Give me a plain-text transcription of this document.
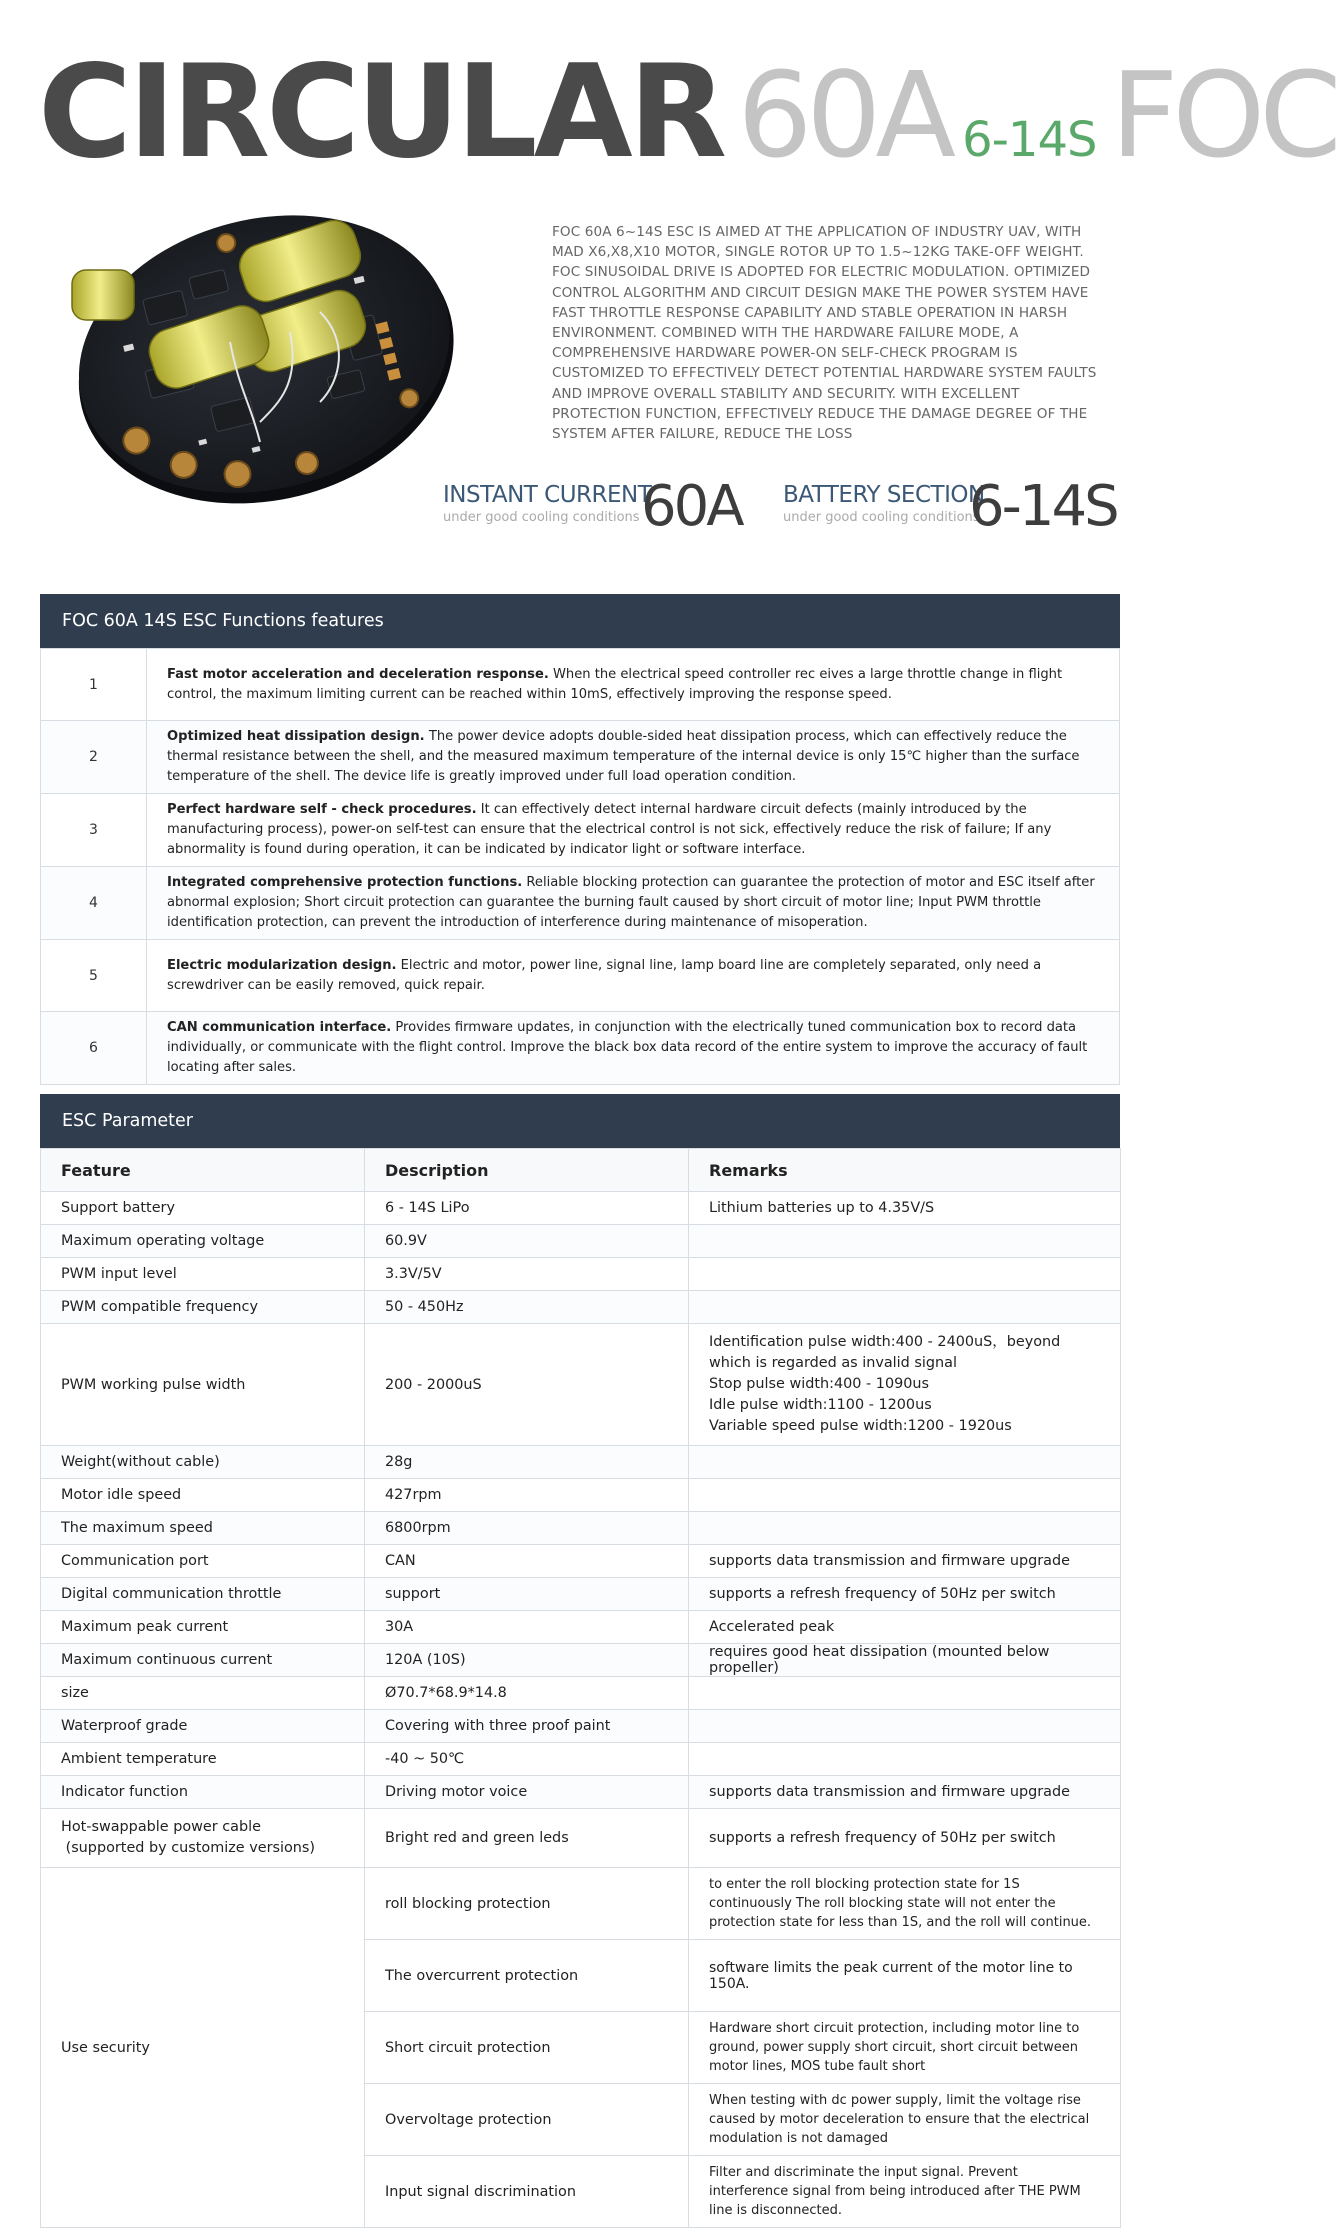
CIRCULAR 60A 6-14S FOC
FOC 60A 6~14S ESC IS AIMED AT THE APPLICATION OF INDUSTRY UAV, WITH MAD X6,X8,X10 MOTOR, SINGLE ROTOR UP TO 1.5~12KG TAKE-OFF WEIGHT. FOC SINUSOIDAL DRIVE IS ADOPTED FOR ELECTRIC MODULATION. OPTIMIZED CONTROL ALGORITHM AND CIRCUIT DESIGN MAKE THE POWER SYSTEM HAVE FAST THROTTLE RESPONSE CAPABILITY AND STABLE OPERATION IN HARSH ENVIRONMENT. COMBINED WITH THE HARDWARE FAILURE MODE, A COMPREHENSIVE HARDWARE POWER-ON SELF-CHECK PROGRAM IS CUSTOMIZED TO EFFECTIVELY DETECT POTENTIAL HARDWARE SYSTEM FAULTS AND IMPROVE OVERALL STABILITY AND SECURITY. WITH EXCELLENT PROTECTION FUNCTION, EFFECTIVELY REDUCE THE DAMAGE DEGREE OF THE SYSTEM AFTER FAILURE, REDUCE THE LOSS
INSTANT CURRENT
under good cooling conditions 60A BATTERY SECTION
under good cooling conditions
6-14S
FOC 60A 14S ESC Functions features
1	Fast motor acceleration and deceleration response. When the electrical speed controller rec eives a large throttle change in flight control, the maximum limiting current can be reached within 10mS, effectively improving the response speed.
2	Optimized heat dissipation design. The power device adopts double-sided heat dissipation process, which can effectively reduce the thermal resistance between the shell, and the measured maximum temperature of the internal device is only 15℃ higher than the surface temperature of the shell. The device life is greatly improved under full load operation condition.
3	Perfect hardware self - check procedures. It can effectively detect internal hardware circuit defects (mainly introduced by the manufacturing process), power-on self-test can ensure that the electrical control is not sick, effectively reduce the risk of failure; If any abnormality is found during operation, it can be indicated by indicator light or software interface.
4	Integrated comprehensive protection functions. Reliable blocking protection can guarantee the protection of motor and ESC itself after abnormal explosion; Short circuit protection can guarantee the burning fault caused by short circuit of motor line; Input PWM throttle identification protection, can prevent the introduction of interference during maintenance of misoperation.
5	Electric modularization design. Electric and motor, power line, signal line, lamp board line are completely separated, only need a screwdriver can be easily removed, quick repair.
6	CAN communication interface. Provides firmware updates, in conjunction with the electrically tuned communication box to record data individually, or communicate with the flight control. Improve the black box data record of the entire system to improve the accuracy of fault locating after sales.
ESC Parameter
Feature	Description	Remarks
Support battery	6 - 14S LiPo	Lithium batteries up to 4.35V/S
Maximum operating voltage	60.9V	
PWM input level	3.3V/5V	
PWM compatible frequency	50 - 450Hz	
PWM working pulse width	200 - 2000uS	Identification pulse width:400 - 2400uS，beyond which is regarded as invalid signal
Stop pulse width:400 - 1090us
Idle pulse width:1100 - 1200us
Variable speed pulse width:1200 - 1920us

Weight(without cable)	28g	
Motor idle speed	427rpm	
The maximum speed	6800rpm	
Communication port	CAN	supports data transmission and firmware upgrade
Digital communication throttle	support	supports a refresh frequency of 50Hz per switch
Maximum peak current	30A	Accelerated peak
Maximum continuous current	120A (10S)	requires good heat dissipation (mounted below propeller)
size	Ø70.7*68.9*14.8	
Waterproof grade	Covering with three proof paint	
Ambient temperature	-40 ~ 50℃	
Indicator function	Driving motor voice	supports data transmission and firmware upgrade

Hot-swappable power cable
(supported by customize versions)	Bright red and green leds	supports a refresh frequency of 50Hz per switch
Use security	roll blocking protection	to enter the roll blocking protection state for 1S continuously The roll blocking state will not enter the protection state for less than 1S, and the roll will continue.
	The overcurrent protection	software limits the peak current of the motor line to 150A.
	Short circuit protection	Hardware short circuit protection, including motor line to ground, power supply short circuit, short circuit between motor lines, MOS tube fault short
	Overvoltage protection	When testing with dc power supply, limit the voltage rise caused by motor deceleration to ensure that the electrical modulation is not damaged
	Input signal discrimination	Filter and discriminate the input signal. Prevent interference signal from being introduced after THE PWM line is disconnected.
